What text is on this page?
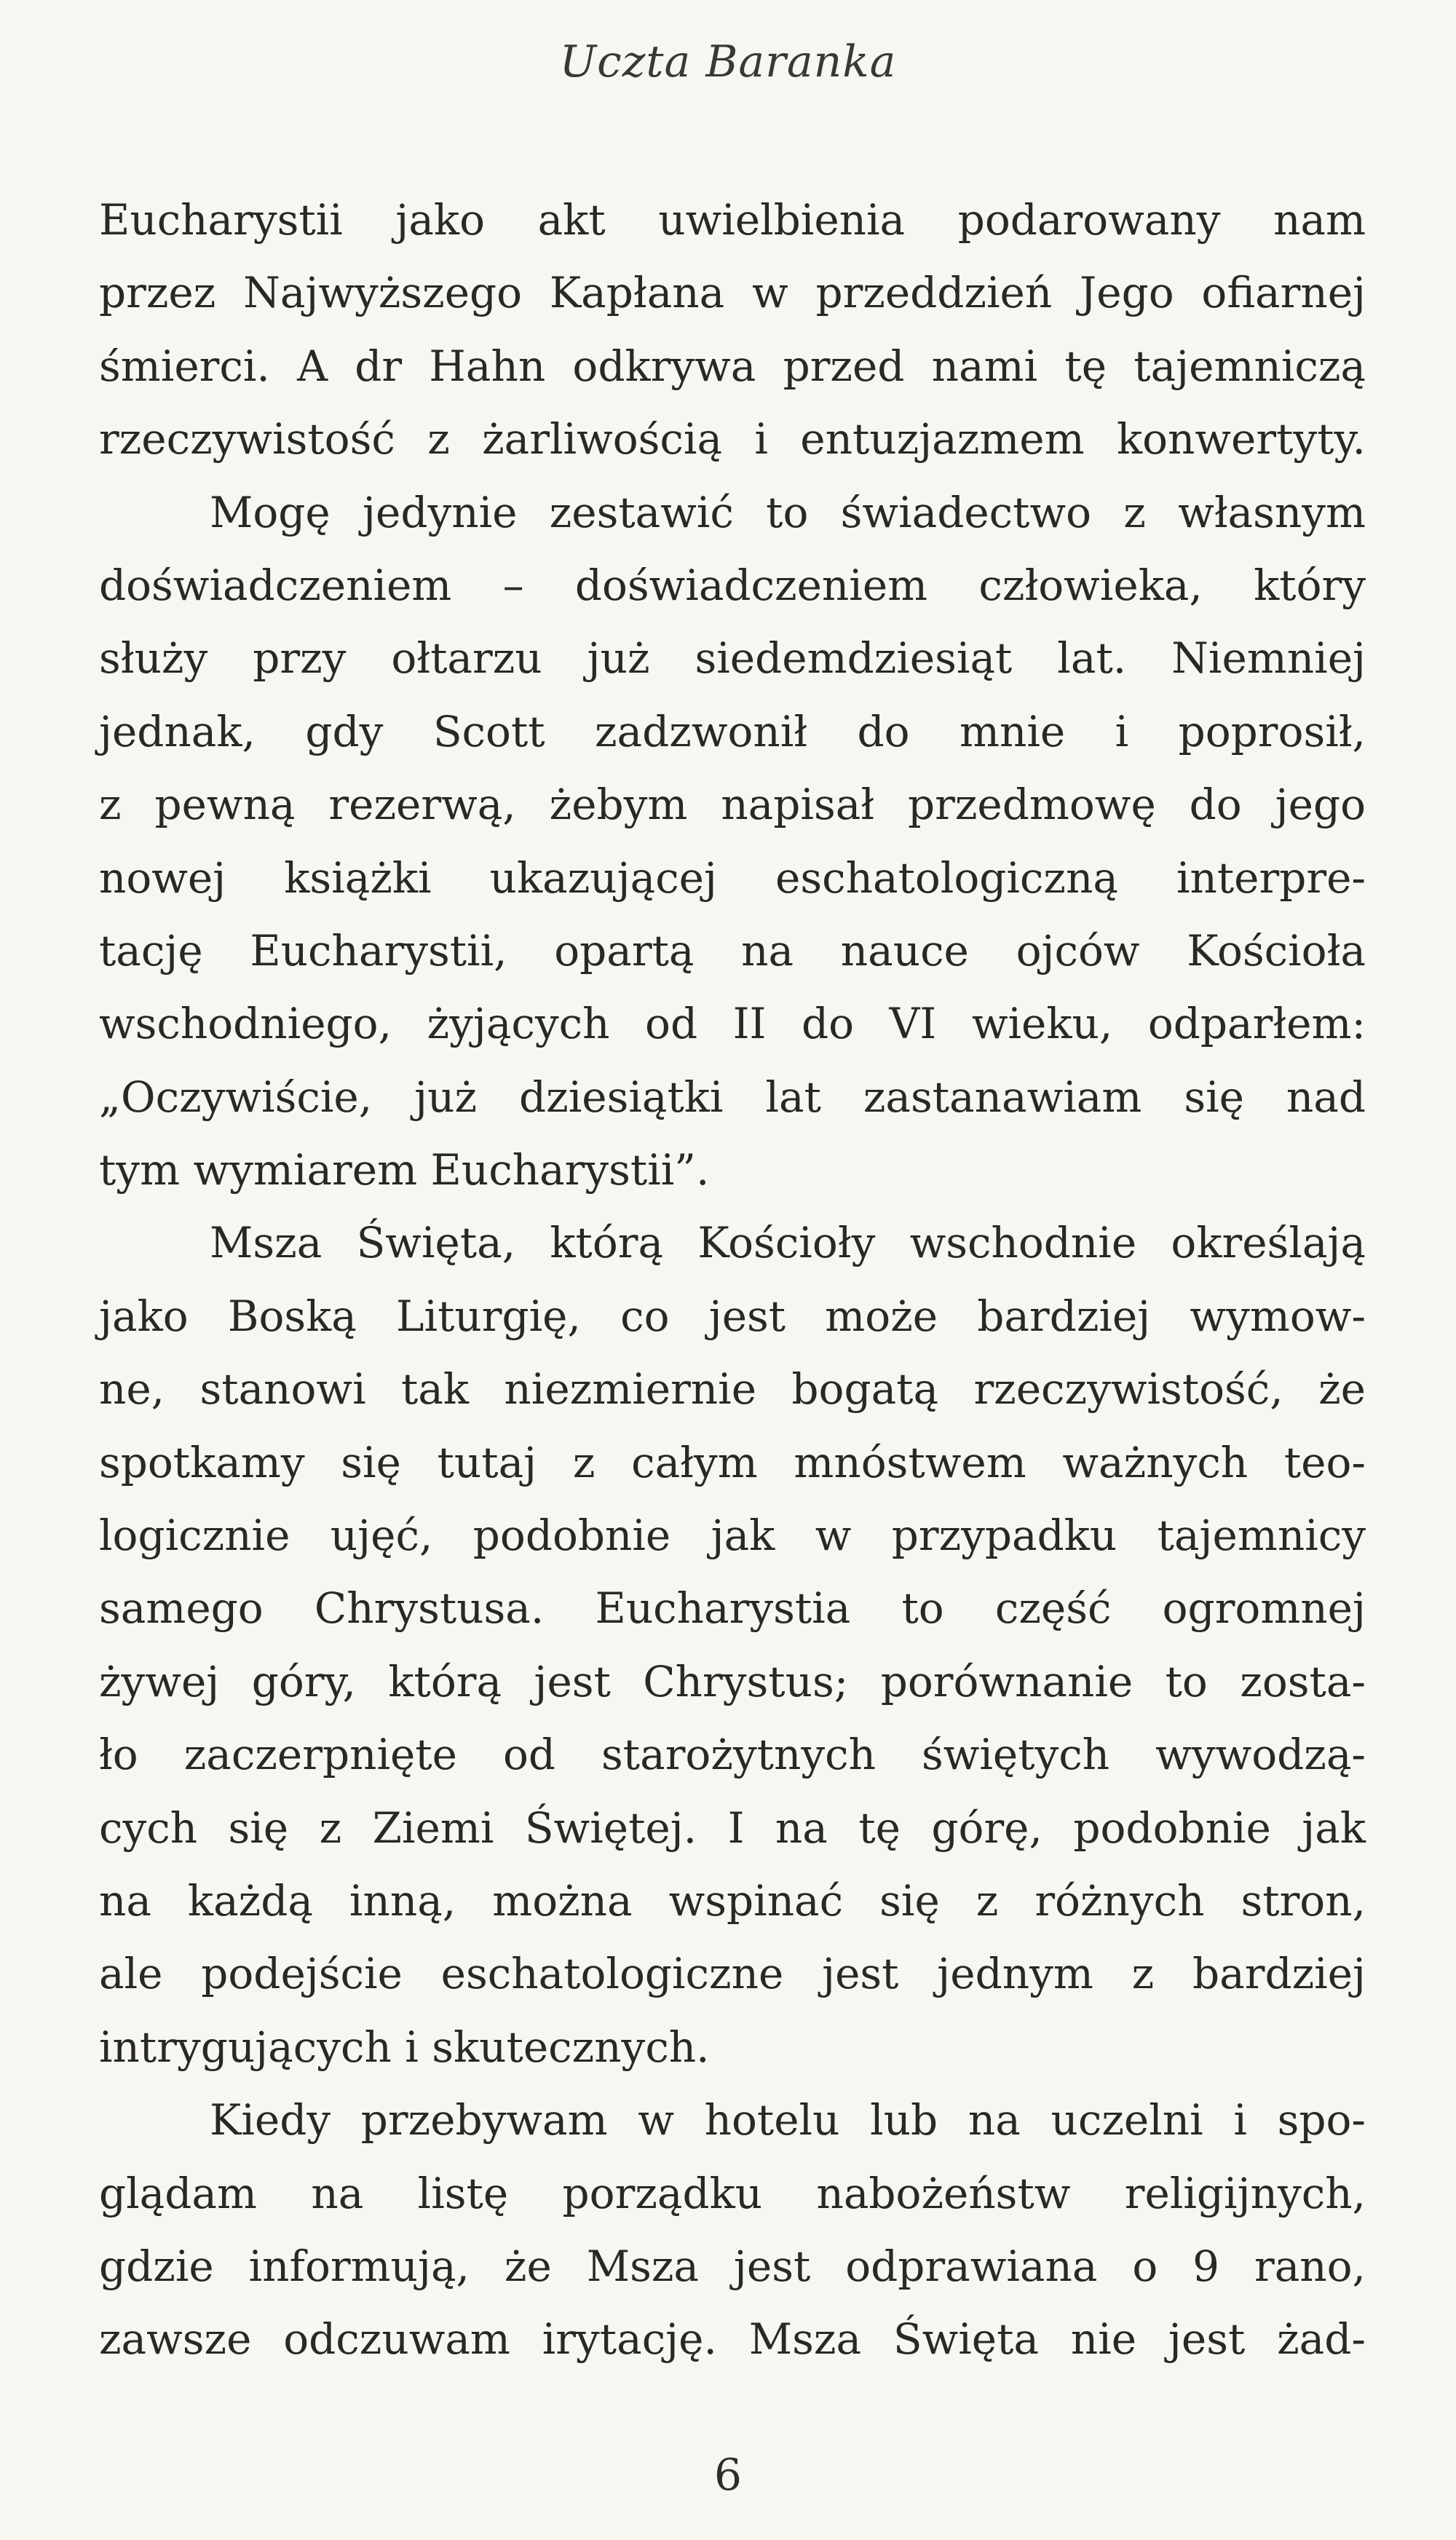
Uczta Baranka
Eucharystii jako akt uwielbienia podarowany nam
przez Najwyższego Kapłana w przeddzień Jego ofiarnej
śmierci. A dr Hahn odkrywa przed nami tę tajemniczą
rzeczywistość z żarliwością i entuzjazmem konwertyty.
Mogę jedynie zestawić to świadectwo z własnym
doświadczeniem – doświadczeniem człowieka, który
służy przy ołtarzu już siedemdziesiąt lat. Niemniej
jednak, gdy Scott zadzwonił do mnie i poprosił,
z pewną rezerwą, żebym napisał przedmowę do jego
nowej książki ukazującej eschatologiczną interpre-
tację Eucharystii, opartą na nauce ojców Kościoła
wschodniego, żyjących od II do VI wieku, odparłem:
„Oczywiście, już dziesiątki lat zastanawiam się nad
tym wymiarem Eucharystii”.
Msza Święta, którą Kościoły wschodnie określają
jako Boską Liturgię, co jest może bardziej wymow-
ne, stanowi tak niezmiernie bogatą rzeczywistość, że
spotkamy się tutaj z całym mnóstwem ważnych teo-
logicznie ujęć, podobnie jak w przypadku tajemnicy
samego Chrystusa. Eucharystia to część ogromnej
żywej góry, którą jest Chrystus; porównanie to zosta-
ło zaczerpnięte od starożytnych świętych wywodzą-
cych się z Ziemi Świętej. I na tę górę, podobnie jak
na każdą inną, można wspinać się z różnych stron,
ale podejście eschatologiczne jest jednym z bardziej
intrygujących i skutecznych.
Kiedy przebywam w hotelu lub na uczelni i spo-
glądam na listę porządku nabożeństw religijnych,
gdzie informują, że Msza jest odprawiana o 9 rano,
zawsze odczuwam irytację. Msza Święta nie jest żad-
6
